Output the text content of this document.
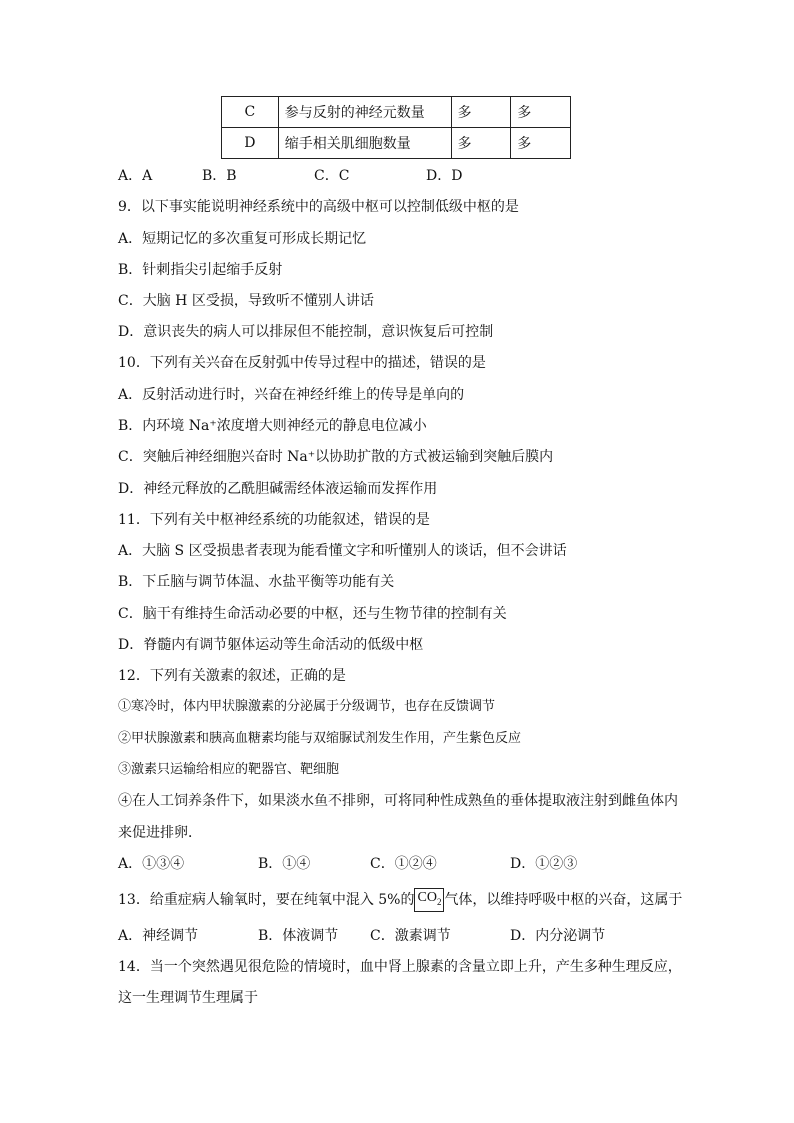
C	参与反射的神经元数量	多	多
D	缩手相关肌细胞数量	多	多
A．A	B．B	C．C	D．D
9．以下事实能说明神经系统中的高级中枢可以控制低级中枢的是
A．短期记忆的多次重复可形成长期记忆
B．针刺指尖引起缩手反射
C．大脑 H 区受损，导致听不懂别人讲话
D．意识丧失的病人可以排尿但不能控制，意识恢复后可控制
10．下列有关兴奋在反射弧中传导过程中的描述，错误的是
A．反射活动进行时，兴奋在神经纤维上的传导是单向的
B．内环境 Na⁺浓度增大则神经元的静息电位减小
C．突触后神经细胞兴奋时 Na⁺以协助扩散的方式被运输到突触后膜内
D．神经元释放的乙酰胆碱需经体液运输而发挥作用
11．下列有关中枢神经系统的功能叙述，错误的是
A．大脑 S 区受损患者表现为能看懂文字和听懂别人的谈话，但不会讲话
B．下丘脑与调节体温、水盐平衡等功能有关
C．脑干有维持生命活动必要的中枢，还与生物节律的控制有关
D．脊髓内有调节躯体运动等生命活动的低级中枢
12．下列有关激素的叙述，正确的是
①寒冷时，体内甲状腺激素的分泌属于分级调节，也存在反馈调节
②甲状腺激素和胰高血糖素均能与双缩脲试剂发生作用，产生紫色反应
③激素只运输给相应的靶器官、靶细胞
④在人工饲养条件下，如果淡水鱼不排卵，可将同种性成熟鱼的垂体提取液注射到雌鱼体内
来促进排卵．
A．①③④	B．①④	C．①②④	D．①②③
13．给重症病人输氧时，要在纯氧中混入 5%的 $CO_2$ 气体，以维持呼吸中枢的兴奋，这属于
A．神经调节	B．体液调节 C．激素调节	D．内分泌调节
14．当一个突然遇见很危险的情境时，血中肾上腺素的含量立即上升，产生多种生理反应，
这一生理调节生理属于
